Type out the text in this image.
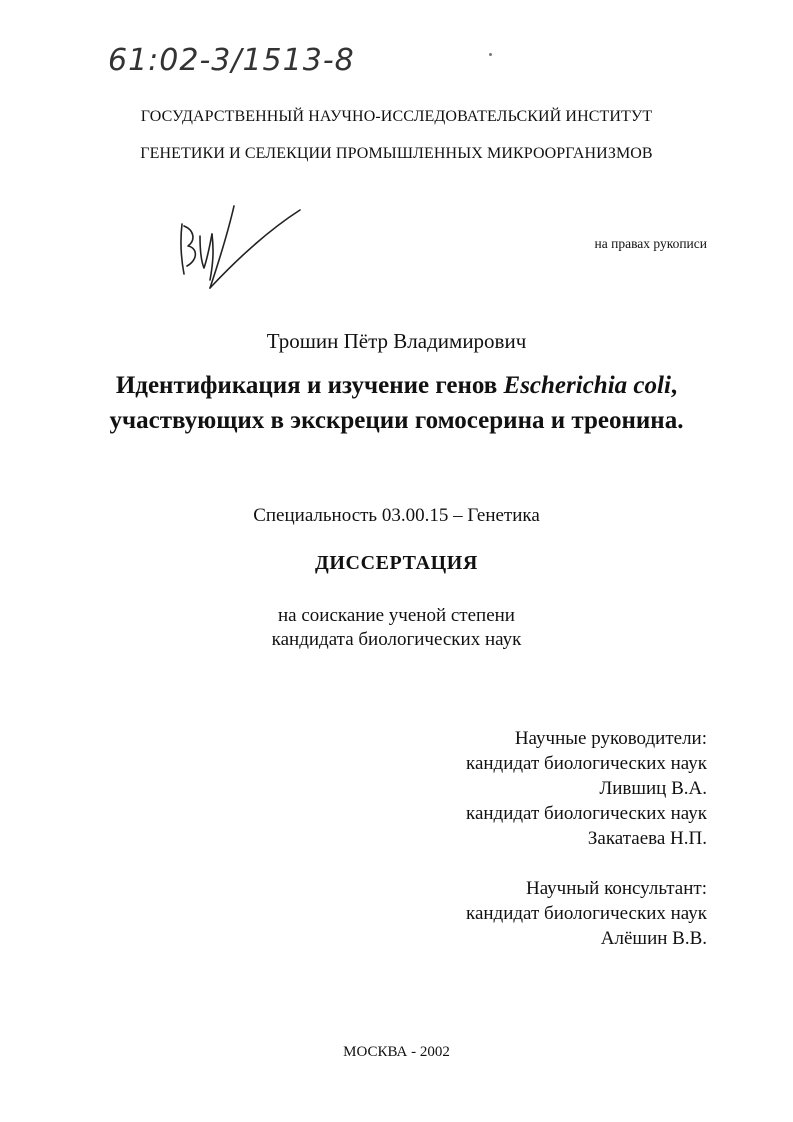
61:02-3/1513-8
ГОСУДАРСТВЕННЫЙ НАУЧНО-ИССЛЕДОВАТЕЛЬСКИЙ ИНСТИТУТ
ГЕНЕТИКИ И СЕЛЕКЦИИ ПРОМЫШЛЕННЫХ МИКРООРГАНИЗМОВ
на правах рукописи
Трошин Пётр Владимирович
Идентификация и изучение генов Escherichia coli, участвующих в экскреции гомосерина и треонина.
Специальность 03.00.15 – Генетика
ДИССЕРТАЦИЯ
на соискание ученой степени
кандидата биологических наук
Научные руководители:
кандидат биологических наук
Лившиц В.А.
кандидат биологических наук
Закатаева Н.П.
Научный консультант:
кандидат биологических наук
Алёшин В.В.
МОСКВА - 2002
